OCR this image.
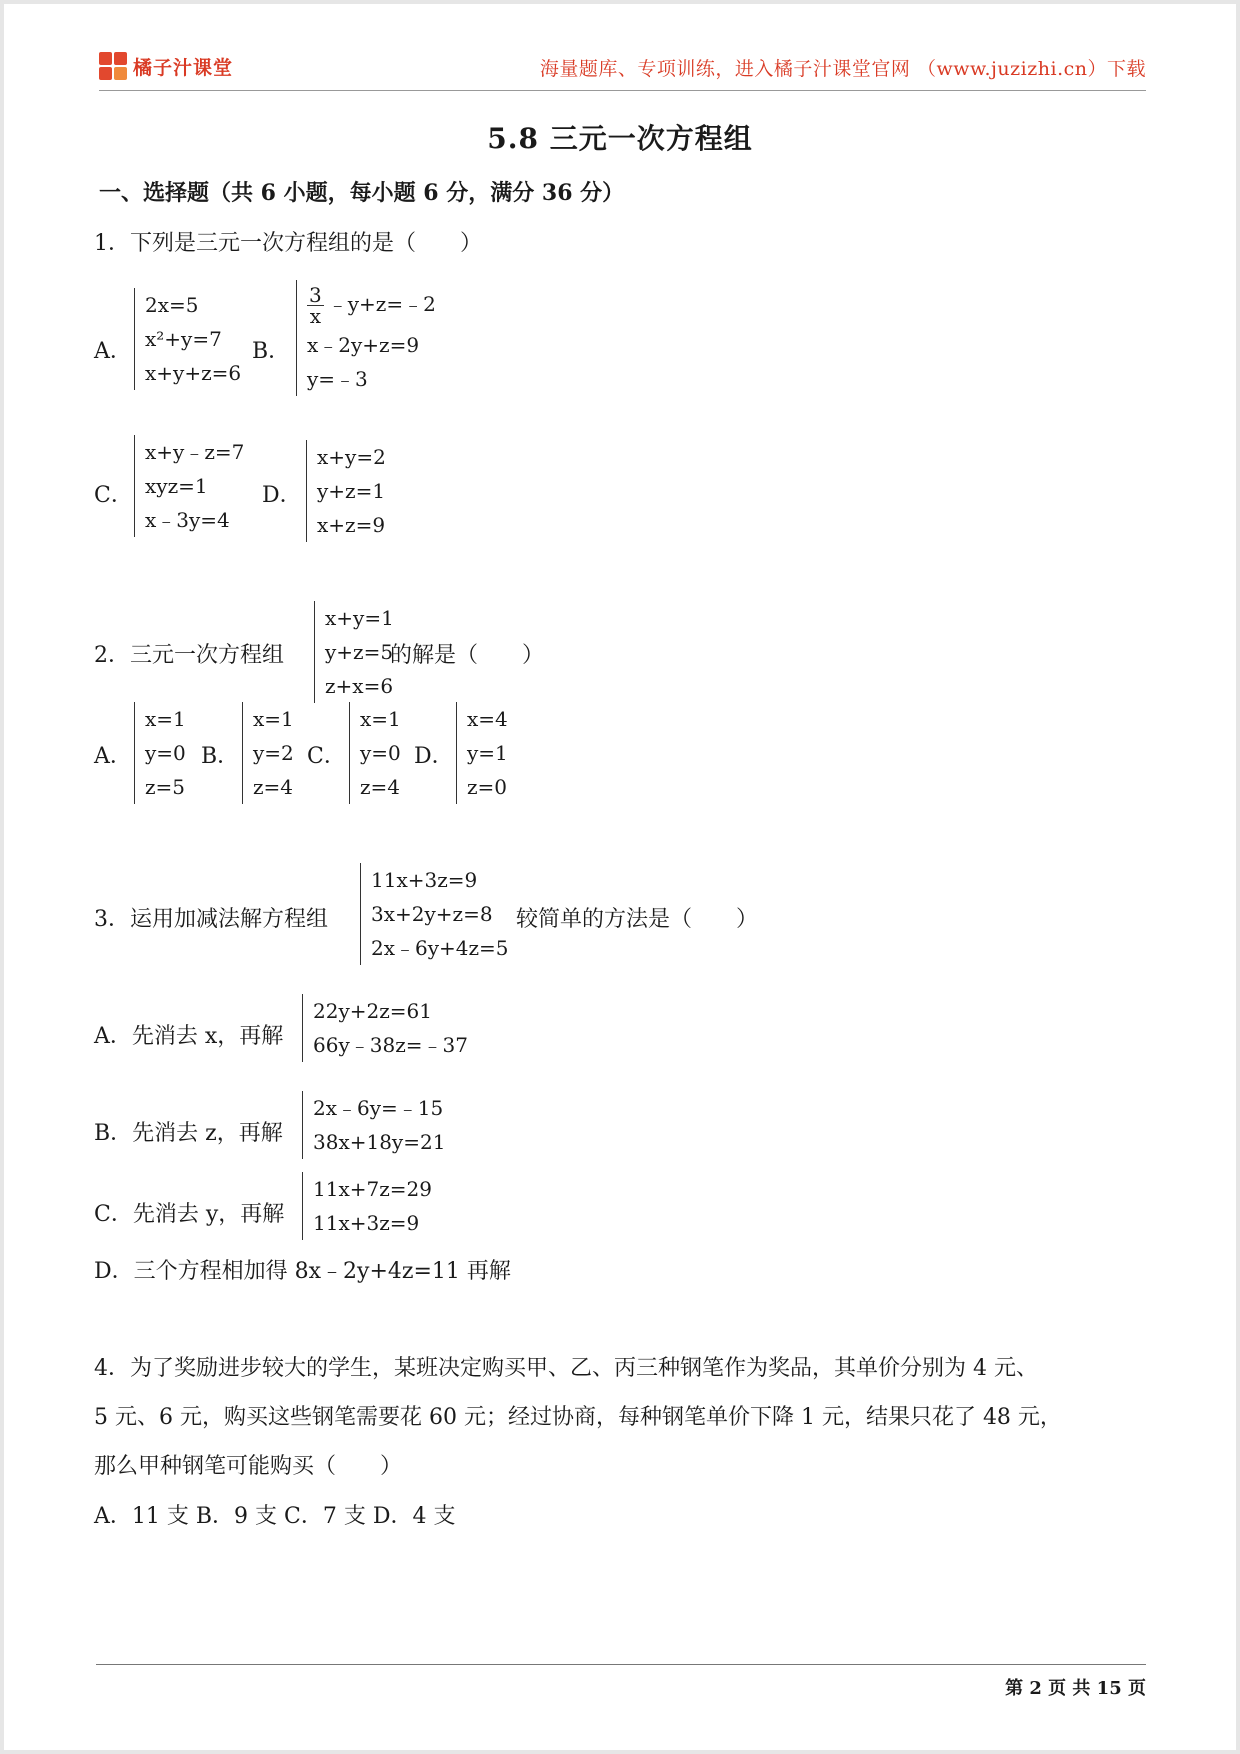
橘子汁课堂	海量题库、专项训练，进入橘子汁课堂官网 （www.juzizhi.cn）下载
5.8 三元一次方程组
一、选择题（共 6 小题，每小题 6 分，满分 36 分）
1．下列是三元一次方程组的是（　　）
A．
2x=5
x²+y=7
x+y+z=6
B．
$\frac{3}{x}$ ﹣y+z=﹣2
x﹣2y+z=9
y=﹣3
C．
x+y﹣z=7
xyz=1
x﹣3y=4
D．
x+y=2
y+z=1
x+z=9
2．三元一次方程组
x+y=1
y+z=5
z+x=6
的解是（　　）
A．
x=1
y=0
z=5
B．
x=1
y=2
z=4
C．
x=1
y=0
z=4
D．
x=4
y=1
z=0
3．运用加减法解方程组
11x+3z=9
3x+2y+z=8
2x﹣6y+4z=5
较简单的方法是（　　）
A．先消去 x，再解
22y+2z=61
66y﹣38z=﹣37
B．先消去 z，再解
2x﹣6y=﹣15
38x+18y=21
C．先消去 y，再解
11x+7z=29
11x+3z=9
D．三个方程相加得 8x﹣2y+4z=11 再解
4．为了奖励进步较大的学生，某班决定购买甲、乙、丙三种钢笔作为奖品，其单价分别为 4 元、
5 元、6 元，购买这些钢笔需要花 60 元；经过协商，每种钢笔单价下降 1 元，结果只花了 48 元，
那么甲种钢笔可能购买（　　）
A．11 支 B．9 支 C．7 支 D．4 支
第 2 页 共 15 页
